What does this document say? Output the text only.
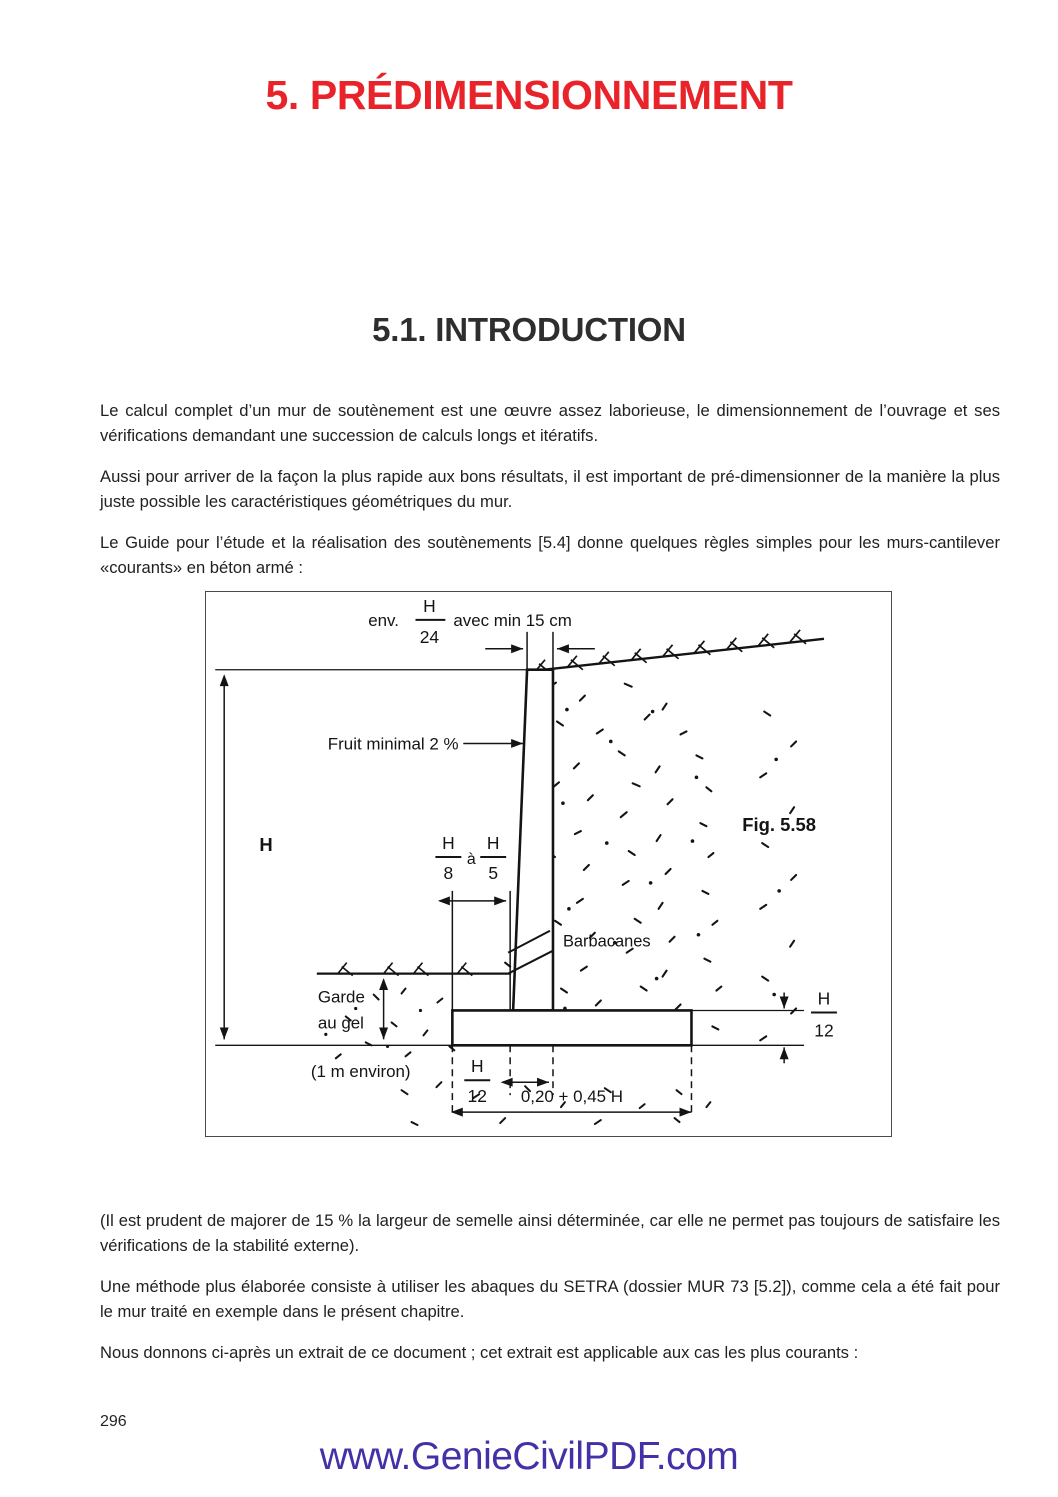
5. PRÉDIMENSIONNEMENT
5.1. INTRODUCTION
Le calcul complet d’un mur de soutènement est une œuvre assez laborieuse, le dimensionnement de l’ouvrage et ses vérifications demandant une succession de calculs longs et itératifs.
Aussi pour arriver de la façon la plus rapide aux bons résultats, il est important de pré-dimensionner de la manière la plus juste possible les caractéristiques géométriques du mur.
Le Guide pour l’étude et la réalisation des soutènements [5.4] donne quelques règles simples pour les murs-cantilever «courants» en béton armé :
H
24
env.	avec min 15 cm
Fruit minimal 2 %
H	H
8
à
H
5
Barbacanes
Fig. 5.58
Garde
au gel
(1 m environ)	H
12
H
12
0,20 + 0,45 H
(Il est prudent de majorer de 15 % la largeur de semelle ainsi déterminée, car elle ne permet pas toujours de satisfaire les vérifications de la stabilité externe).
Une méthode plus élaborée consiste à utiliser les abaques du SETRA (dossier MUR 73 [5.2]), comme cela a été fait pour le mur traité en exemple dans le présent chapitre.
Nous donnons ci-après un extrait de ce document ; cet extrait est applicable aux cas les plus courants :
296
www.GenieCivilPDF.com
